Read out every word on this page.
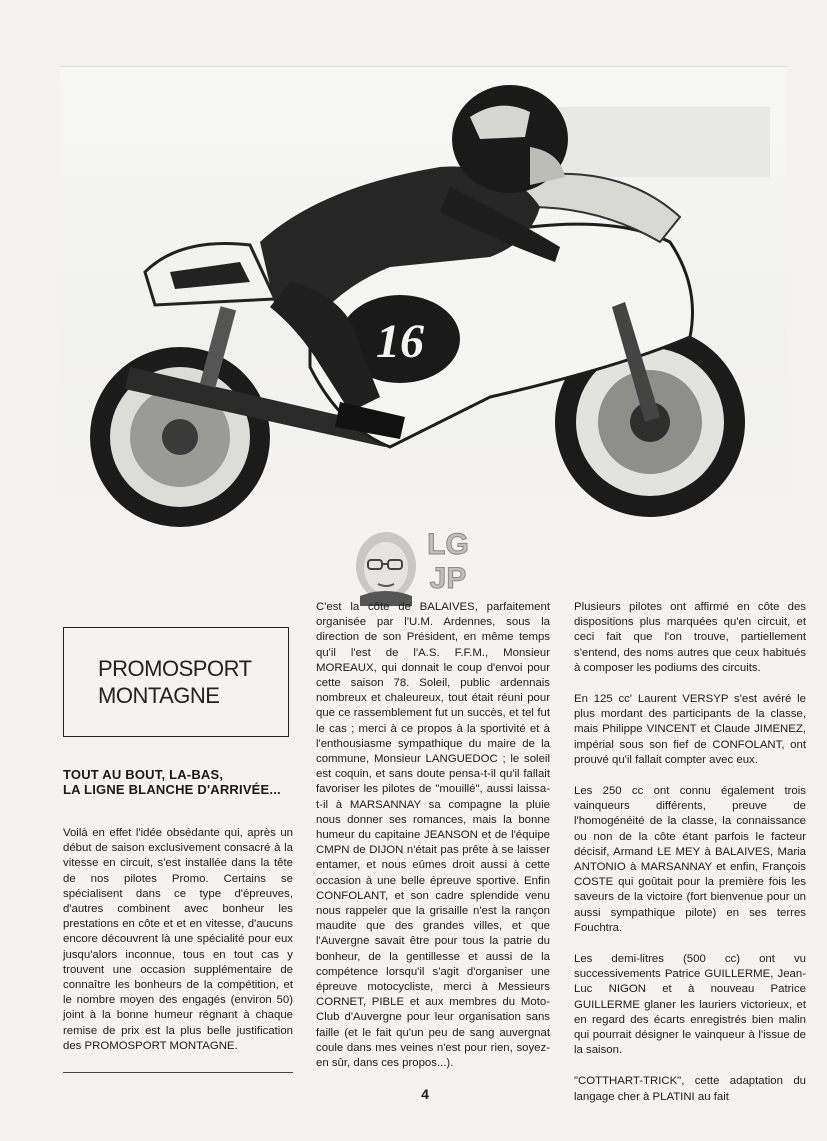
16
LG
JP
PROMOSPORT
MONTAGNE
TOUT AU BOUT, LA-BAS,
LA LIGNE BLANCHE D'ARRIVÉE...

Voilà en effet l'idée obsédante qui, après un début de saison exclusivement consacré à la vitesse en circuit, s'est installée dans la tête de nos pilotes Promo. Certains se spécialisent dans ce type d'épreuves, d'autres combinent avec bonheur les prestations en côte et et en vitesse, d'aucuns encore découvrent là une spécialité pour eux jusqu'alors inconnue, tous en tout cas y trouvent une occasion supplémentaire de connaître les bonheurs de la compétition, et le nombre moyen des engagés (environ 50) joint à la bonne humeur régnant à chaque remise de prix est la plus belle justification des PROMOSPORT MONTAGNE.

C'est la côte de BALAIVES, parfaitement organisée par l'U.M. Ardennes, sous la direction de son Président, en même temps qu'il l'est de l'A.S. F.F.M., Monsieur MOREAUX, qui donnait le coup d'envoi pour cette saison 78. Soleil, public ardennais nombreux et chaleureux, tout était réuni pour que ce rassemblement fut un succès, et tel fut le cas ; merci à ce propos à la sportivité et à l'enthousiasme sympathique du maire de la commune, Monsieur LANGUEDOC ; le soleil est coquin, et sans doute pensa-t-il qu'il fallait favoriser les pilotes de "mouillé", aussi laissa-t-il à MARSANNAY sa compagne la pluie nous donner ses romances, mais la bonne humeur du capitaine JEANSON et de l'équipe CMPN de DIJON n'était pas prête à se laisser entamer, et nous eûmes droit aussi à cette occasion à une belle épreuve sportive. Enfin CONFOLANT, et son cadre splendide venu nous rappeler que la grisaille n'est la rançon maudite que des grandes villes, et que l'Auvergne savait être pour tous la patrie du bonheur, de la gentillesse et aussi de la compétence lorsqu'il s'agit d'organiser une épreuve motocycliste, merci à Messieurs CORNET, PIBLE et aux membres du Moto-Club d'Auvergne pour leur organisation sans faille (et le fait qu'un peu de sang auvergnat coule dans mes veines n'est pour rien, soyez-en sûr, dans ces propos...).

Plusieurs pilotes ont affirmé en côte des dispositions plus marquées qu'en circuit, et ceci fait que l'on trouve, partiellement s'entend, des noms autres que ceux habitués à composer les podiums des circuits.

En 125 cc' Laurent VERSYP s'est avéré le plus mordant des participants de la classe, mais Philippe VINCENT et Claude JIMENEZ, impérial sous son fief de CONFOLANT, ont prouvé qu'il fallait compter avec eux.

Les 250 cc ont connu également trois vainqueurs différents, preuve de l'homogénéité de la classe, la connaissance ou non de la côte étant parfois le facteur décisif, Armand LE MEY à BALAIVES, Maria ANTONIO à MARSANNAY et enfin, François COSTE qui goûtait pour la première fois les saveurs de la victoire (fort bienvenue pour un aussi sympathique pilote) en ses terres Fouchtra.

Les demi-litres (500 cc) ont vu successivements Patrice GUILLERME, Jean-Luc NIGON et à nouveau Patrice GUILLERME glaner les lauriers victorieux, et en regard des écarts enregistrés bien malin qui pourrait désigner le vainqueur à l'issue de la saison.

"COTTHART-TRICK", cette adaptation du langage cher à PLATINI au fait

4
